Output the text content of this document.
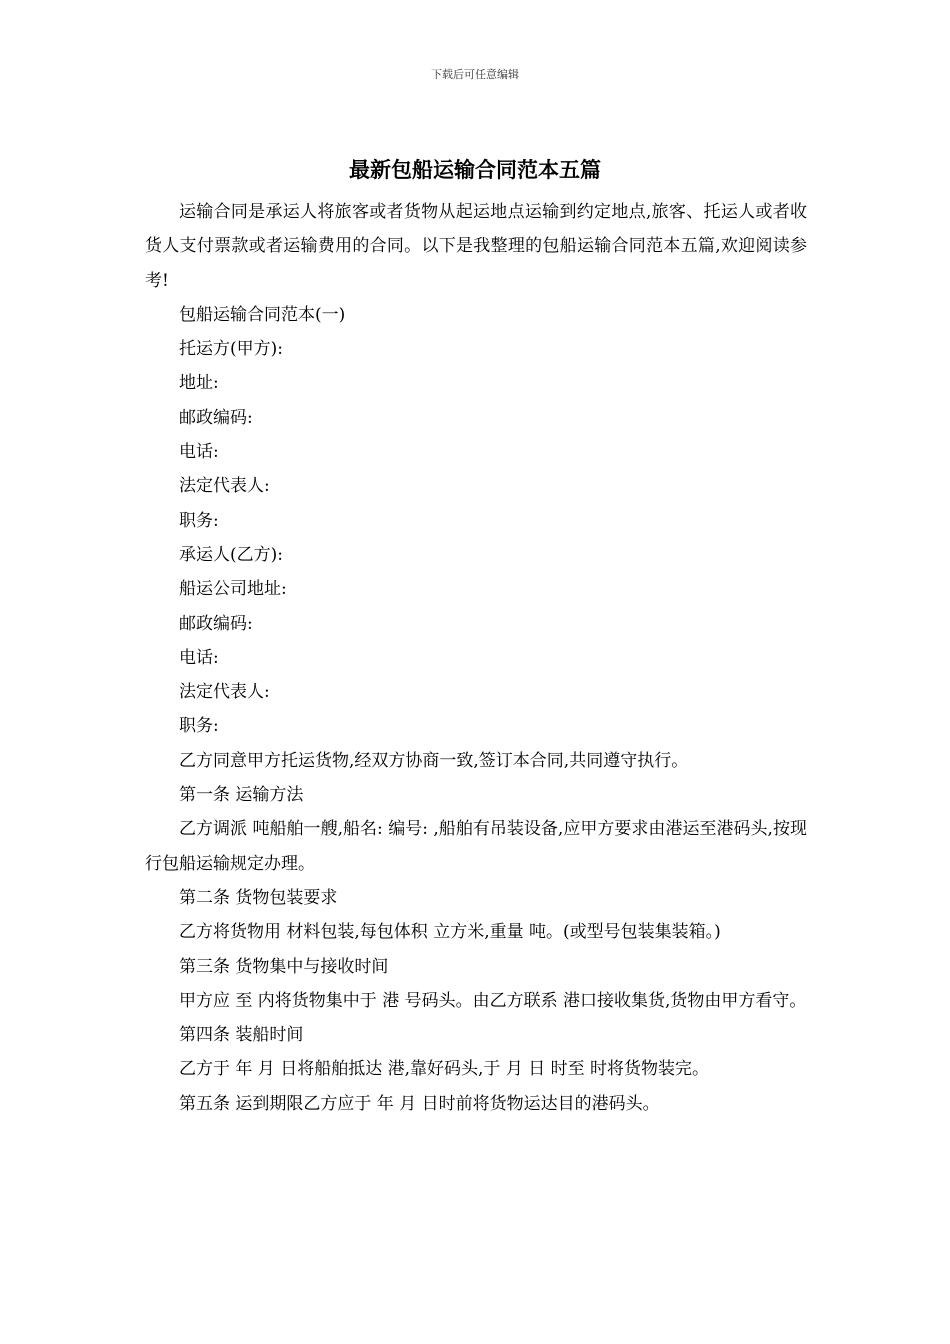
下载后可任意编辑
最新包船运输合同范本五篇

运输合同是承运人将旅客或者货物从起运地点运输到约定地点,旅客、托运人或者收货人支付票款或者运输费用的合同。以下是我整理的包船运输合同范本五篇,欢迎阅读参考!

包船运输合同范本(一)

托运方(甲方):

地址:

邮政编码:

电话:

法定代表人:

职务:

承运人(乙方):

船运公司地址:

邮政编码:

电话:

法定代表人:

职务:

乙方同意甲方托运货物,经双方协商一致,签订本合同,共同遵守执行。

第一条 运输方法

乙方调派 吨船舶一艘,船名: 编号: ,船舶有吊装设备,应甲方要求由港运至港码头,按现行包船运输规定办理。

第二条 货物包装要求

乙方将货物用 材料包装,每包体积 立方米,重量 吨。(或型号包装集装箱。)

第三条 货物集中与接收时间

甲方应 至 内将货物集中于 港 号码头。由乙方联系 港口接收集货,货物由甲方看守。

第四条 装船时间

乙方于 年 月 日将船舶抵达 港,靠好码头,于 月 日 时至 时将货物装完。

第五条 运到期限乙方应于 年 月 日时前将货物运达目的港码头。
